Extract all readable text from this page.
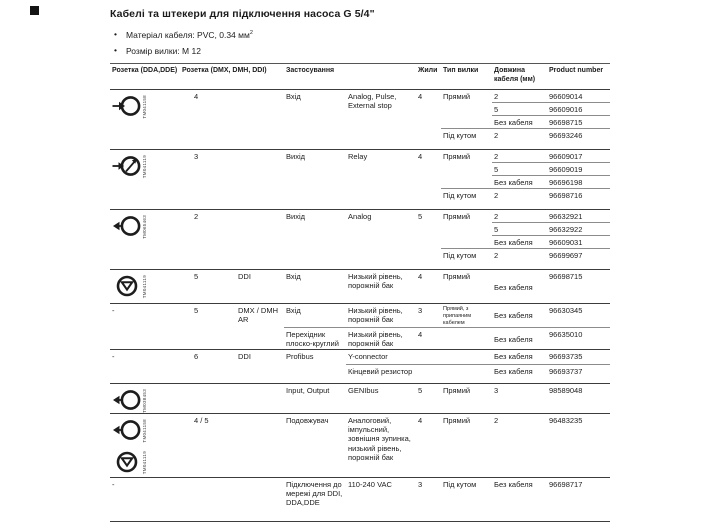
Кабелі та штекери для підключення насоса G 5/4"
• Матеріал кабеля: PVC, 0.34 $мм^2$
• Розмір вилки: M 12
Розетка (DDA,DDE)	Розетка (DMX, DMH, DDI)		Застосування		Жили	Тип вилки	Довжина кабеля (мм)	Product number

TM041158	4		Вхід	Analog, Pulse, External stop	4	Прямий	2	96609014
							5	96609016
							Без кабеля	96698715
						Під кутом	2	96693246

TM041119	3		Вихід	Relay	4	Прямий	2	96609017
							5	96609019
							Без кабеля	96696198
						Під кутом	2	96698716

TM065463	2		Вихід	Analog	5	Прямий	2	96632921
							5	96632922
							Без кабеля	96609031
						Під кутом	2	96699697

TM041119	5	DDI	Вхід	Низький рівень, порожній бак	4	Прямий	Без кабеля	96698715
-	5	DMX / DMH AR	Вхід	Низький рівень, порожній бак	3	Прямий, з припаяним кабелем	Без кабеля	96630345
			Перехідник плоско-круглий	Низький рівень, порожній бак	4		Без кабеля	96635010
-	6	DDI	Profibus	Y-connector			Без кабеля	96693735
				Кінцевий резистор			Без кабеля	96693737

TM038453			Input, Output	GENIbus	5	Прямий	3	98589048

TM041158
TM041119	4 / 5		Подовжувач	Аналоговий, імпульсний, зовнішня зупинка, низький рівень, порожній бак	4	Прямий	2	96483235
-			Підключення до мережі для DDI, DDA,DDE	110-240 VAC	3	Під кутом	Без кабеля	96698717
